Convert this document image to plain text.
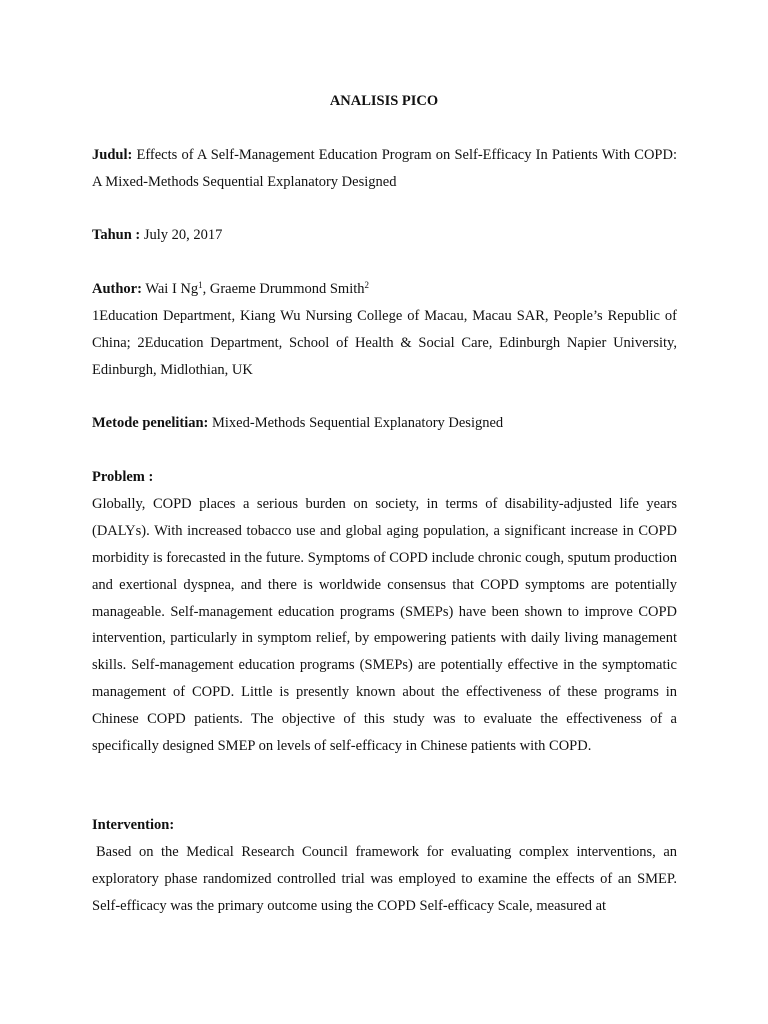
ANALISIS PICO
Judul: Effects of A Self-Management Education Program on Self-Efficacy In Patients With COPD: A Mixed-Methods Sequential Explanatory Designed
Tahun : July 20, 2017
Author: Wai I Ng$^1$, Graeme Drummond Smith$^2$
1Education Department, Kiang Wu Nursing College of Macau, Macau SAR, People’s Republic of China; 2Education Department, School of Health & Social Care, Edinburgh Napier University, Edinburgh, Midlothian, UK
Metode penelitian: Mixed-Methods Sequential Explanatory Designed
Problem :
Globally, COPD places a serious burden on society, in terms of disability-adjusted life years (DALYs). With increased tobacco use and global aging population, a significant increase in COPD morbidity is forecasted in the future. Symptoms of COPD include chronic cough, sputum production and exertional dyspnea, and there is worldwide consensus that COPD symptoms are potentially manageable. Self-management education programs (SMEPs) have been shown to improve COPD intervention, particularly in symptom relief, by empowering patients with daily living management skills. Self-management education programs (SMEPs) are potentially effective in the symptomatic management of COPD. Little is presently known about the effectiveness of these programs in Chinese COPD patients. The objective of this study was to evaluate the effectiveness of a specifically designed SMEP on levels of self-efficacy in Chinese patients with COPD.
Intervention:
Based on the Medical Research Council framework for evaluating complex interventions, an exploratory phase randomized controlled trial was employed to examine the effects of an SMEP. Self-efficacy was the primary outcome using the COPD Self-efficacy Scale, measured at
